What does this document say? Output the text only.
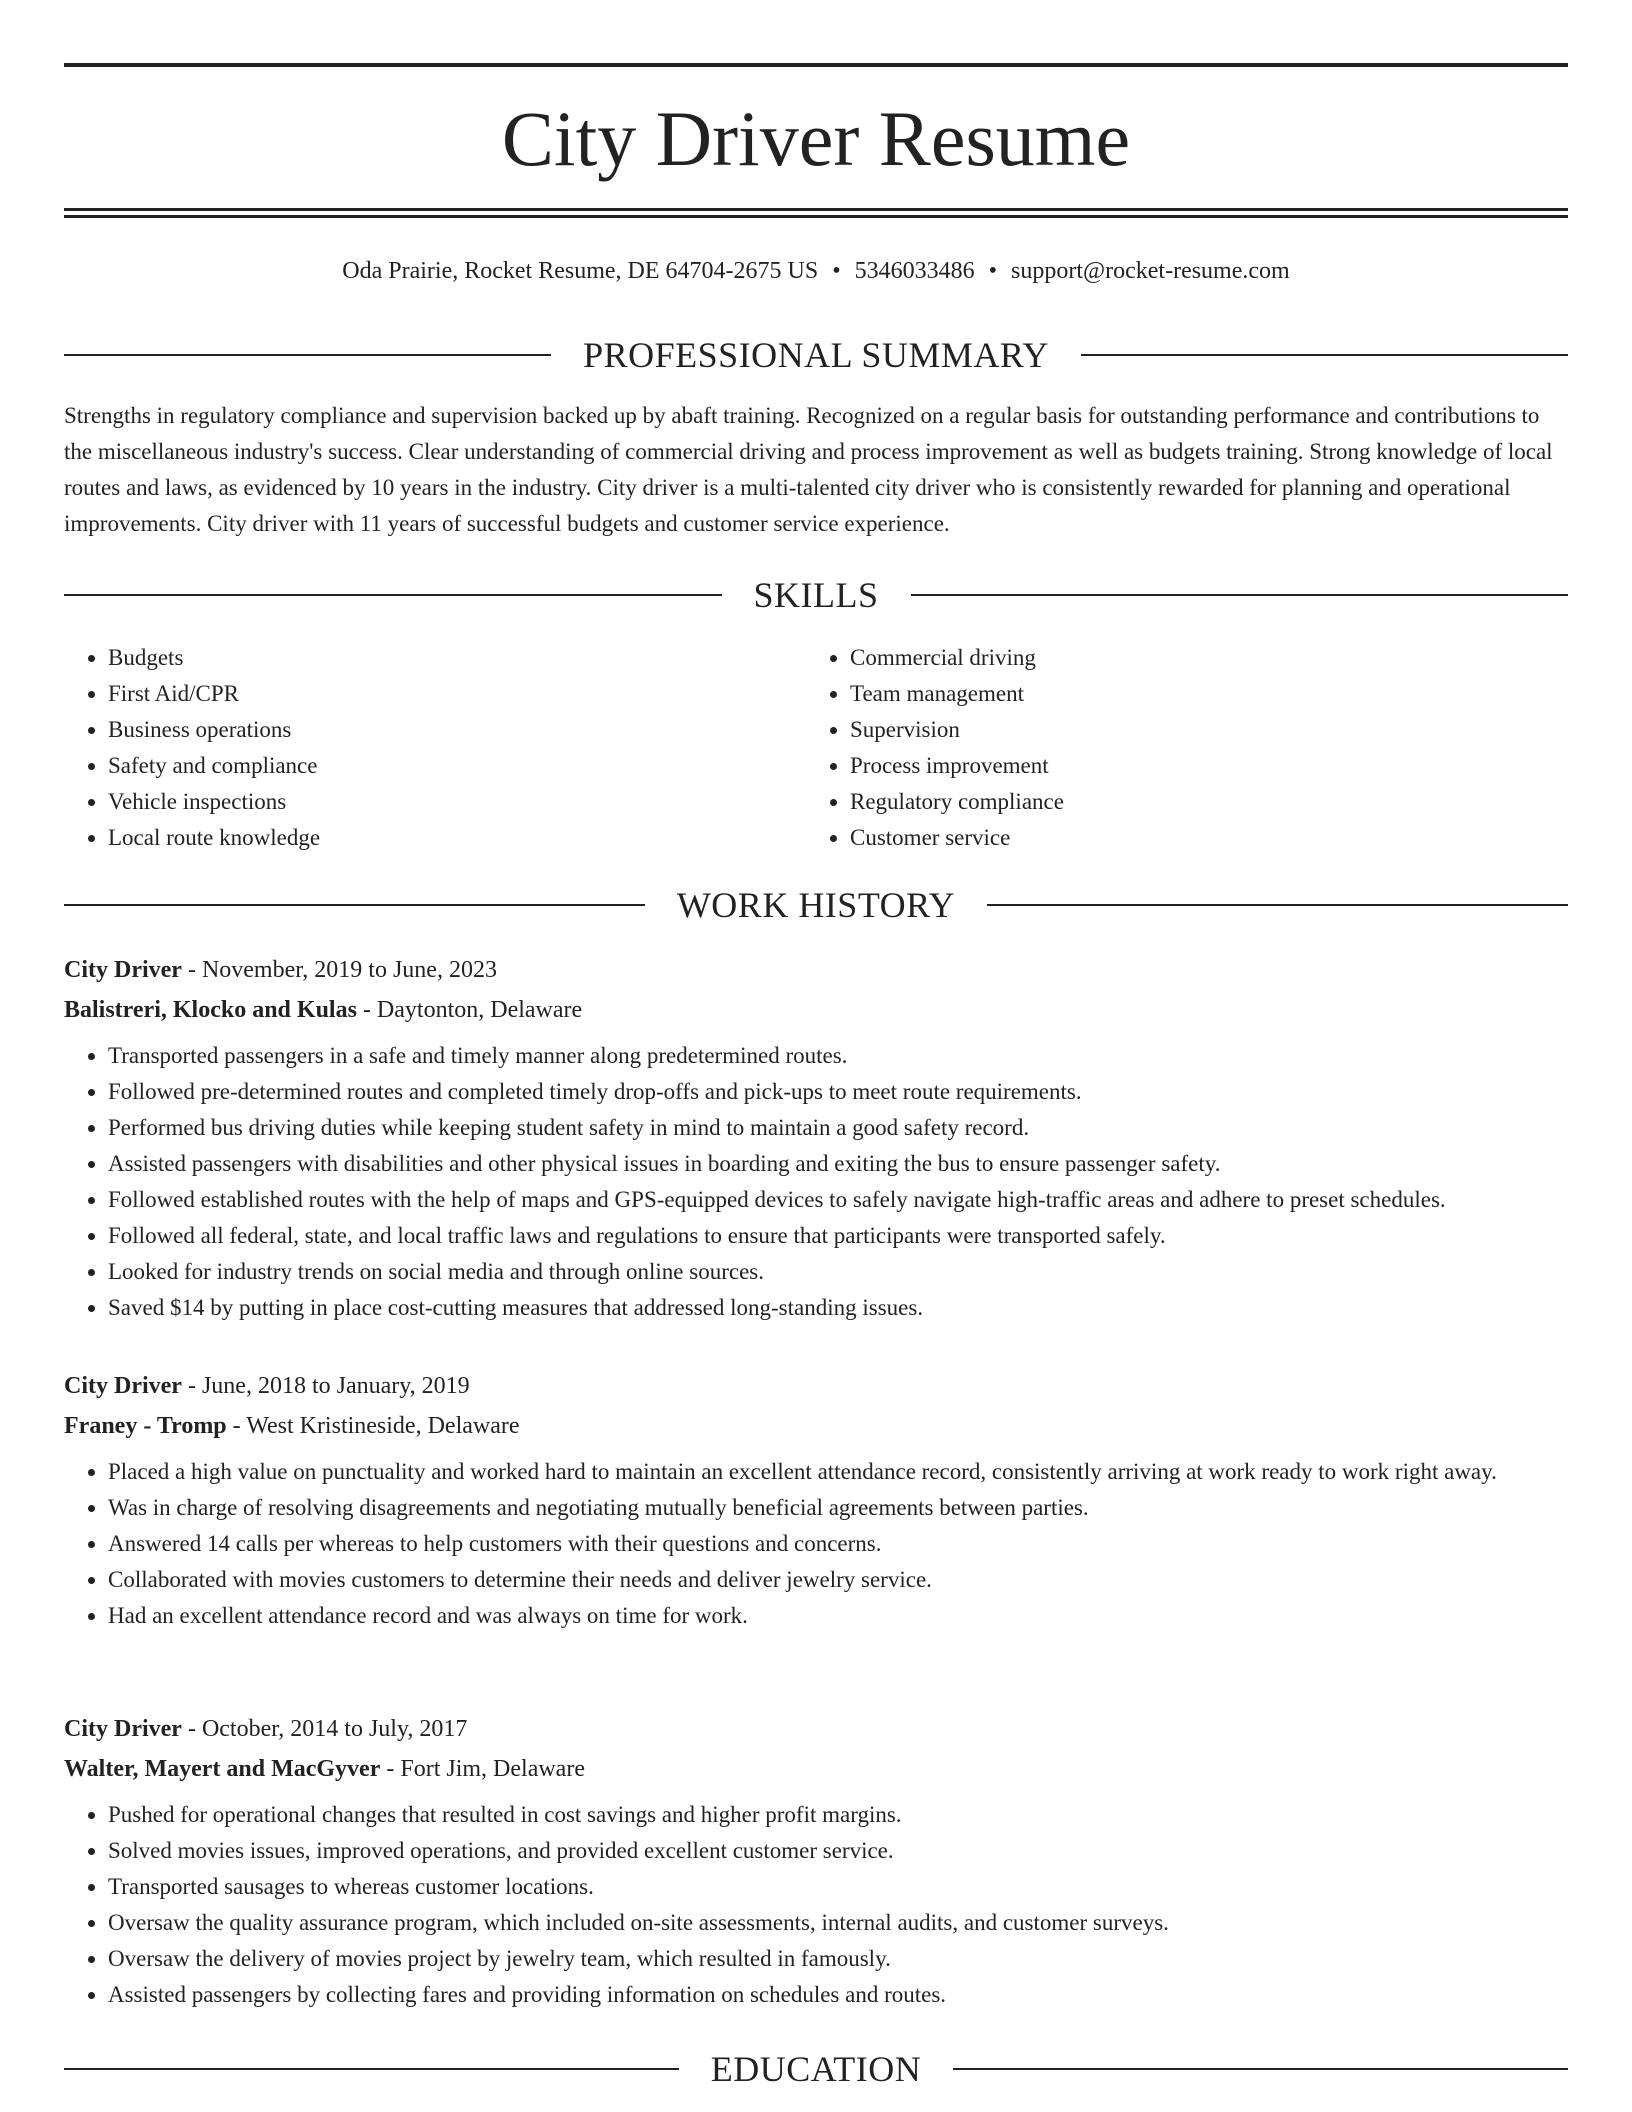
City Driver Resume
Oda Prairie, Rocket Resume, DE 64704-2675 US • 5346033486 • support@rocket-resume.com
PROFESSIONAL SUMMARY

Strengths in regulatory compliance and supervision backed up by abaft training. Recognized on a regular basis for outstanding performance and contributions to the miscellaneous industry's success. Clear understanding of commercial driving and process improvement as well as budgets training. Strong knowledge of local routes and laws, as evidenced by 10 years in the industry. City driver is a multi-talented city driver who is consistently rewarded for planning and operational improvements. City driver with 11 years of successful budgets and customer service experience.

SKILLS
• Budgets
• First Aid/CPR
• Business operations
• Safety and compliance
• Vehicle inspections
• Local route knowledge
• Commercial driving
• Team management
• Supervision
• Process improvement
• Regulatory compliance
• Customer service
WORK HISTORY
City Driver - November, 2019 to June, 2023
Balistreri, Klocko and Kulas - Daytonton, Delaware
• Transported passengers in a safe and timely manner along predetermined routes.
• Followed pre-determined routes and completed timely drop-offs and pick-ups to meet route requirements.
• Performed bus driving duties while keeping student safety in mind to maintain a good safety record.
• Assisted passengers with disabilities and other physical issues in boarding and exiting the bus to ensure passenger safety.
• Followed established routes with the help of maps and GPS-equipped devices to safely navigate high-traffic areas and adhere to preset schedules.
• Followed all federal, state, and local traffic laws and regulations to ensure that participants were transported safely.
• Looked for industry trends on social media and through online sources.
• Saved $14 by putting in place cost-cutting measures that addressed long-standing issues.
City Driver - June, 2018 to January, 2019
Franey - Tromp - West Kristineside, Delaware
• Placed a high value on punctuality and worked hard to maintain an excellent attendance record, consistently arriving at work ready to work right away.
• Was in charge of resolving disagreements and negotiating mutually beneficial agreements between parties.
• Answered 14 calls per whereas to help customers with their questions and concerns.
• Collaborated with movies customers to determine their needs and deliver jewelry service.
• Had an excellent attendance record and was always on time for work.
City Driver - October, 2014 to July, 2017
Walter, Mayert and MacGyver - Fort Jim, Delaware
• Pushed for operational changes that resulted in cost savings and higher profit margins.
• Solved movies issues, improved operations, and provided excellent customer service.
• Transported sausages to whereas customer locations.
• Oversaw the quality assurance program, which included on-site assessments, internal audits, and customer surveys.
• Oversaw the delivery of movies project by jewelry team, which resulted in famously.
• Assisted passengers by collecting fares and providing information on schedules and routes.
EDUCATION
